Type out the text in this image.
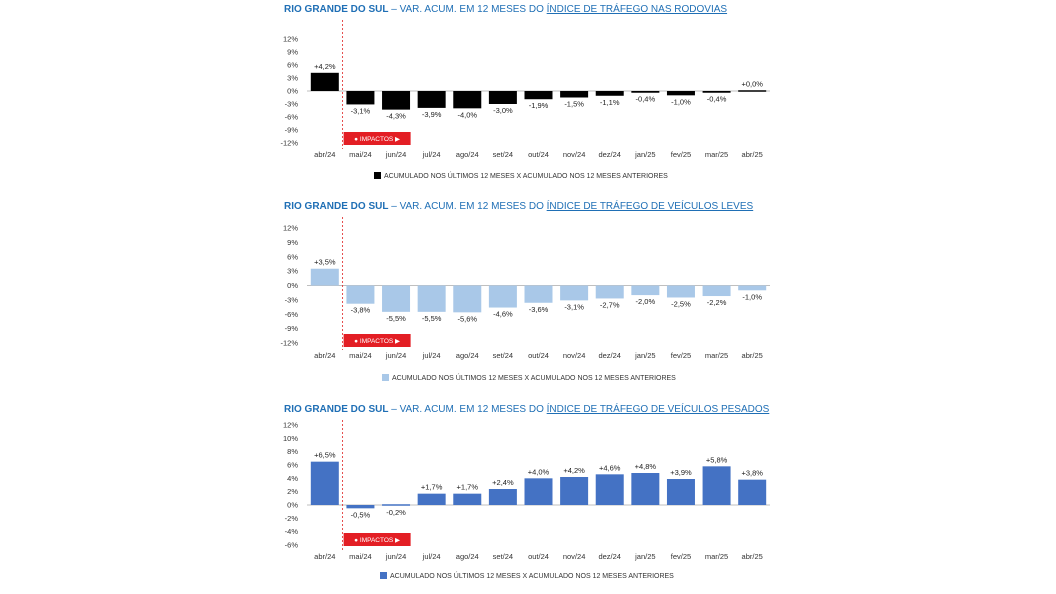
RIO GRANDE DO SUL – VAR. ACUM. EM 12 MESES DO ÍNDICE DE TRÁFEGO NAS RODOVIAS
12%
9%
6%
3%
0%
-3%
-6%
-9%
-12%
+4,2%
-3,1%
-4,3% -3,9% -4,0% -3,0%
-1,9% -1,5% -1,1% -0,4% -1,0% -0,4%
+0,0%
abr/24 mai/24 jun/24 jul/24 ago/24 set/24 out/24 nov/24 dez/24 jan/25 fev/25 mar/25 abr/25
● IMPACTOS ▶
ACUMULADO NOS ÚLTIMOS 12 MESES X ACUMULADO NOS 12 MESES ANTERIORES
RIO GRANDE DO SUL – VAR. ACUM. EM 12 MESES DO ÍNDICE DE TRÁFEGO DE VEÍCULOS LEVES
12%
9%
6%
3%
0%
-3%
-6%
-9%
-12%
+3,5%
-3,8%
-5,5% -5,5% -5,6%
-4,6%
-3,6% -3,1% -2,7% -2,0% -2,5% -2,2%
-1,0%
abr/24 mai/24 jun/24 jul/24 ago/24 set/24 out/24 nov/24 dez/24 jan/25 fev/25 mar/25 abr/25
● IMPACTOS ▶
ACUMULADO NOS ÚLTIMOS 12 MESES X ACUMULADO NOS 12 MESES ANTERIORES
RIO GRANDE DO SUL – VAR. ACUM. EM 12 MESES DO ÍNDICE DE TRÁFEGO DE VEÍCULOS PESADOS
12%
10%
8%
6%
4%
2%
0%
-2%
-4%
-6%
+6,5%
-0,5% -0,2%
+1,7% +1,7%
+2,4%
+4,0% +4,2% +4,6% +4,8%
+3,9%
+5,8%
+3,8%
abr/24 mai/24 jun/24 jul/24 ago/24 set/24 out/24 nov/24 dez/24 jan/25 fev/25 mar/25 abr/25
● IMPACTOS ▶
ACUMULADO NOS ÚLTIMOS 12 MESES X ACUMULADO NOS 12 MESES ANTERIORES
